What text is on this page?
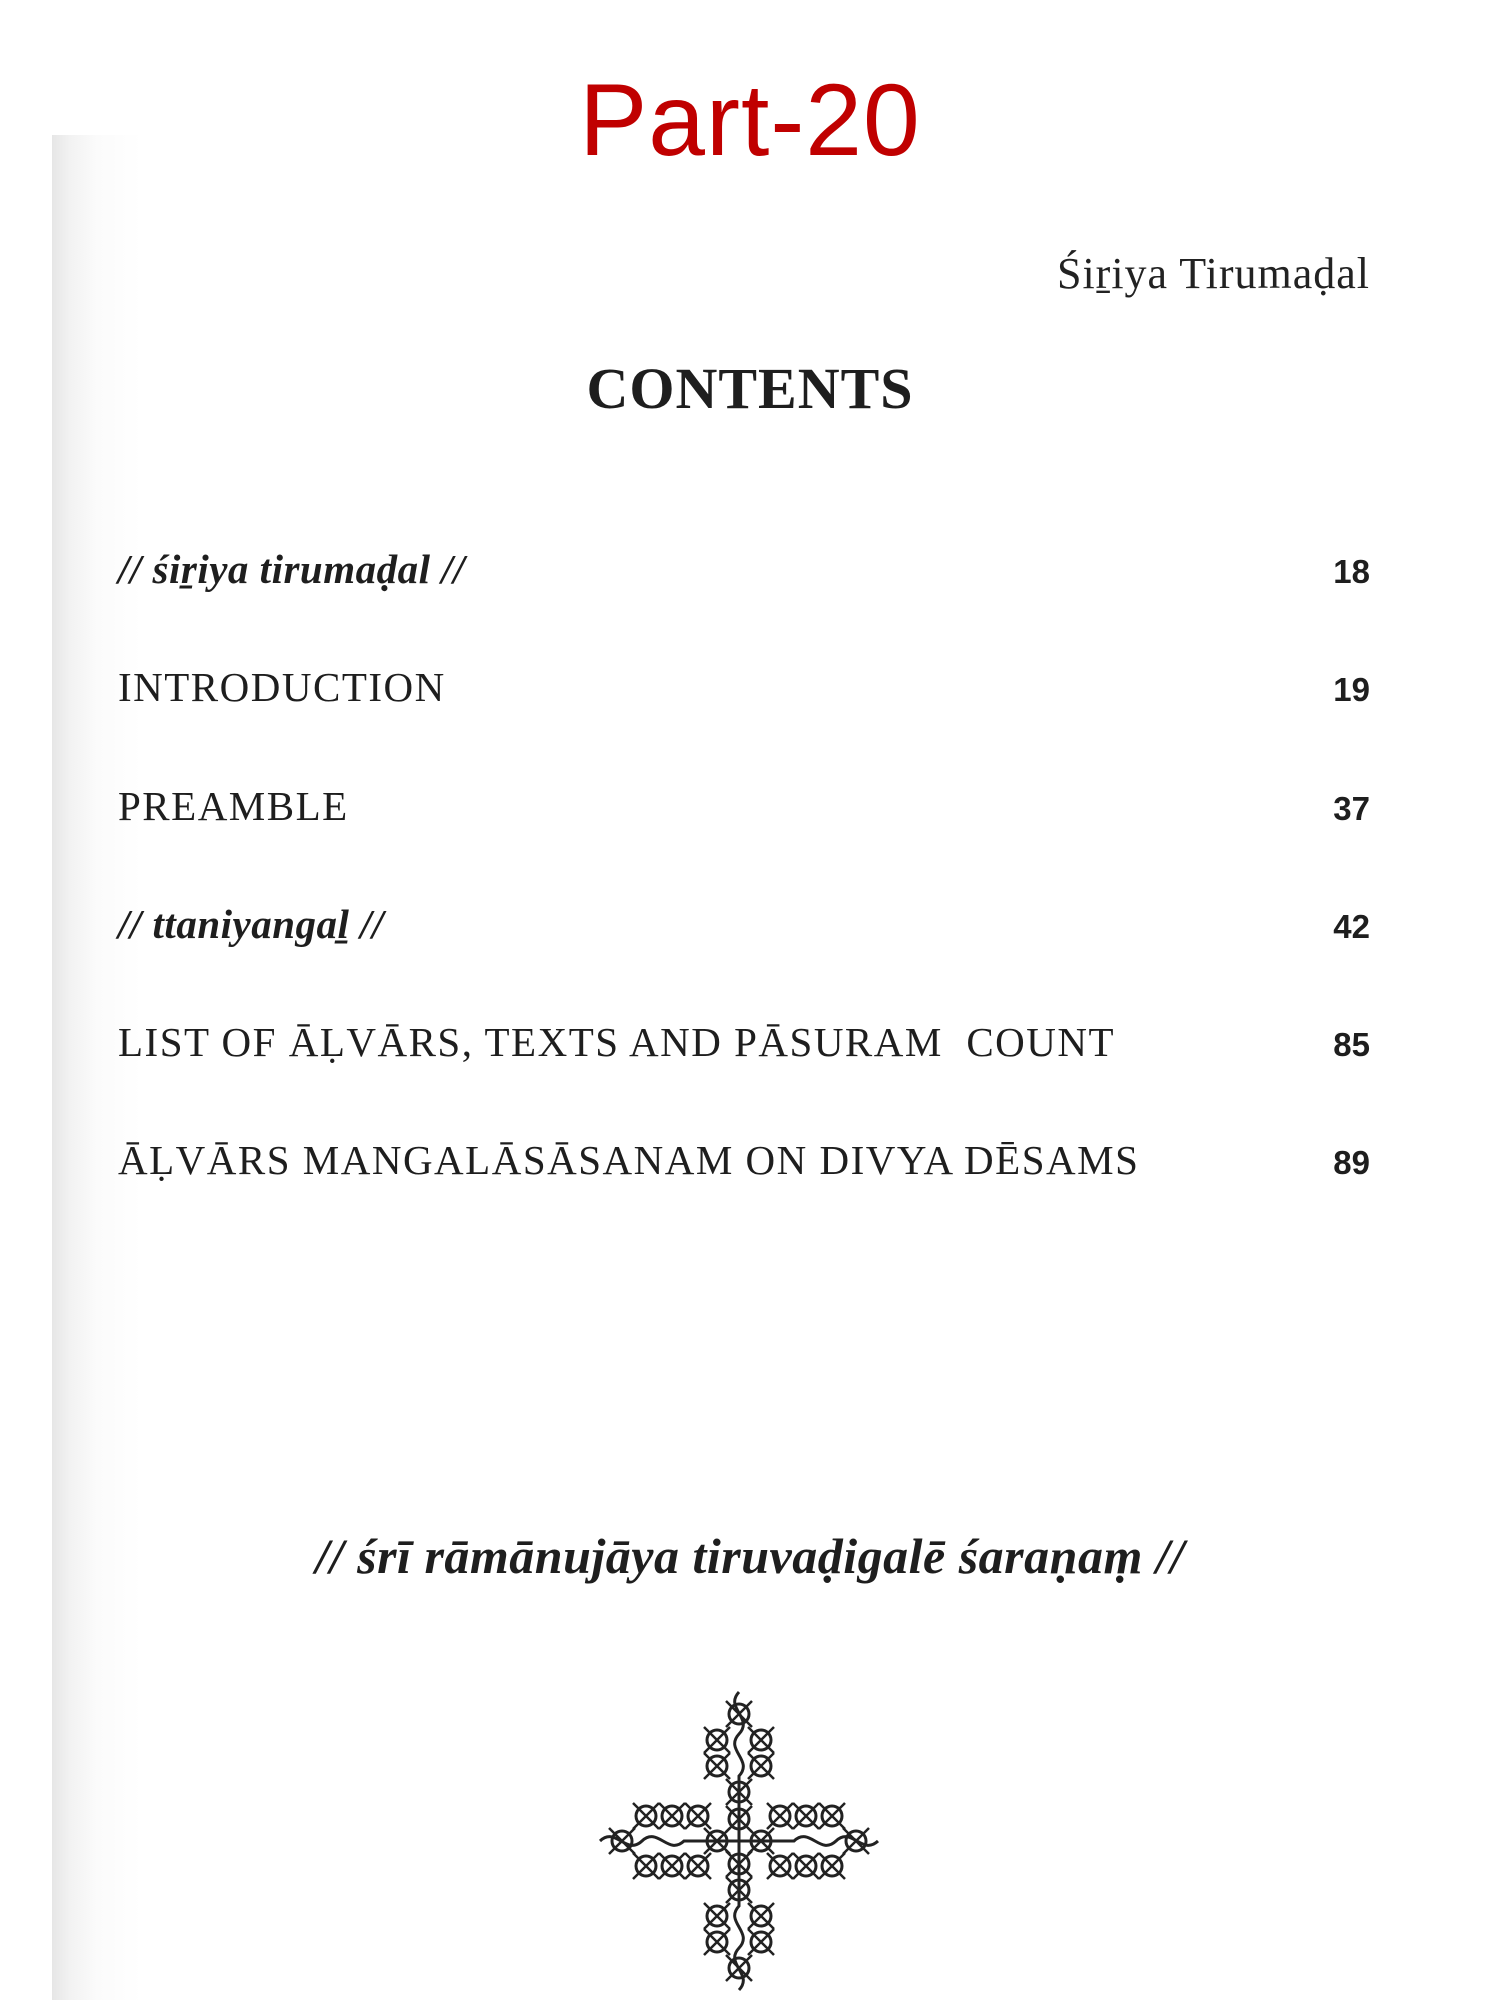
Part-20
Śiṟiya Tirumaḍal
CONTENTS
// śiṟiya tirumaḍal //	18
INTRODUCTION	19
PREAMBLE	37
// ttaniyangaḻ //	42
LIST OF ĀḶVĀRS, TEXTS AND PĀSURAM  COUNT	85
ĀḶVĀRS MANGALĀSĀSANAM ON DIVYA DĒSAMS	89
// śrī rāmānujāya tiruvaḍigalē śaraṇaṃ //
